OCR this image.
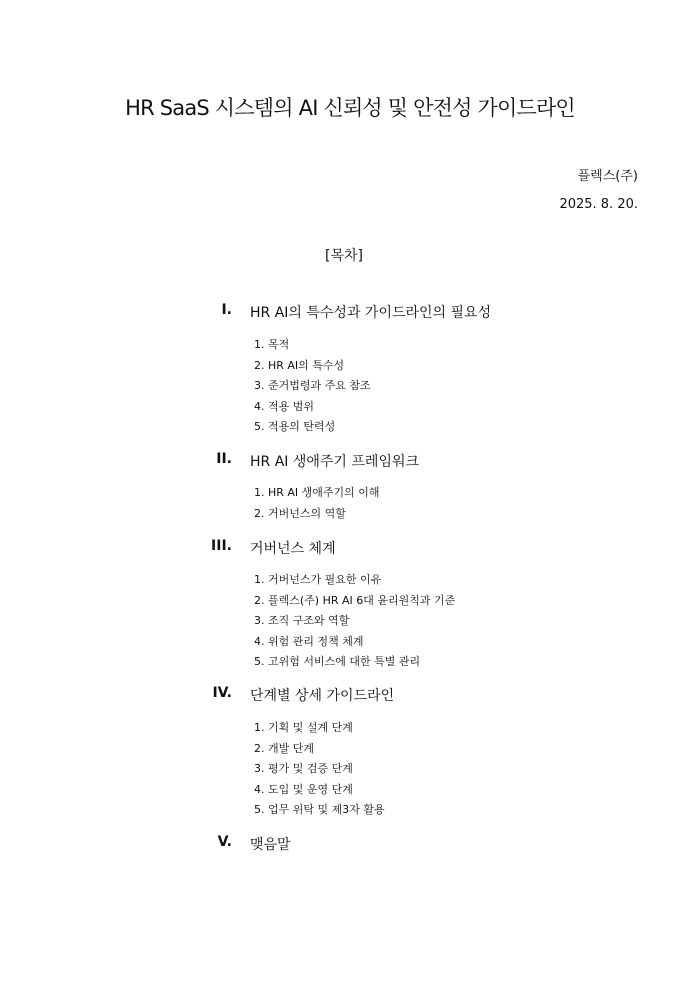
HR SaaS 시스템의 AI 신뢰성 및 안전성 가이드라인
플렉스(주)
2025. 8. 20.
[목차]
I. HR AI의 특수성과 가이드라인의 필요성
1. 목적
2. HR AI의 특수성
3. 준거법령과 주요 참조
4. 적용 범위
5. 적용의 탄력성
II. HR AI 생애주기 프레임워크
1. HR AI 생애주기의 이해
2. 거버넌스의 역할
III. 거버넌스 체계
1. 거버넌스가 필요한 이유
2. 플렉스(주) HR AI 6대 윤리원칙과 기준
3. 조직 구조와 역할
4. 위험 관리 정책 체계
5. 고위험 서비스에 대한 특별 관리
IV. 단계별 상세 가이드라인
1. 기획 및 설계 단계
2. 개발 단계
3. 평가 및 검증 단계
4. 도입 및 운영 단계
5. 업무 위탁 및 제3자 활용
V. 맺음말
